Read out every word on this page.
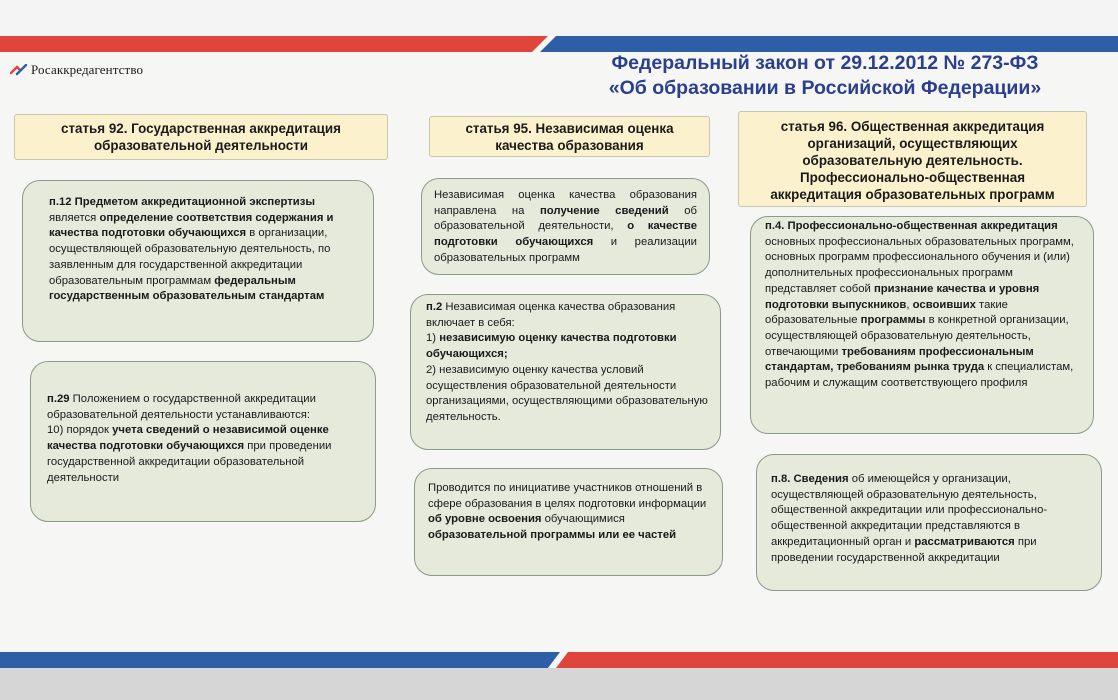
Росаккредагентство	Федеральный закон от 29.12.2012 № 273-ФЗ
«Об образовании в Российской Федерации»
статья 92. Государственная аккредитация
образовательной деятельности
статья 95. Независимая оценка
качества образования
статья 96. Общественная аккредитация
организаций, осуществляющих
образовательную деятельность.
Профессионально-общественная
аккредитация образовательных программ
п.12 Предметом аккредитационной экспертизы
является определение соответствия содержания и качества подготовки обучающихся в организации, осуществляющей образовательную деятельность, по заявленным для государственной аккредитации образовательным программам федеральным государственным образовательным стандартам
п.29 Положением о государственной аккредитации образовательной деятельности устанавливаются:
10) порядок учета сведений о независимой оценке качества подготовки обучающихся при проведении государственной аккредитации образовательной деятельности
Независимая оценка качества образования направлена на получение сведений об образовательной деятельности, о качестве подготовки обучающихся и реализации образовательных программ
п.2 Независимая оценка качества образования включает в себя:
1) независимую оценку качества подготовки обучающихся;
2) независимую оценку качества условий осуществления образовательной деятельности организациями, осуществляющими образовательную деятельность.
Проводится по инициативе участников отношений в сфере образования в целях подготовки информации об уровне освоения обучающимися образовательной программы или ее частей
п.4. Профессионально-общественная аккредитация основных профессиональных образовательных программ, основных программ профессионального обучения и (или) дополнительных профессиональных программ представляет собой признание качества и уровня подготовки выпускников, освоивших такие образовательные программы в конкретной организации, осуществляющей образовательную деятельность, отвечающими требованиям профессиональным стандартам, требованиям рынка труда к специалистам, рабочим и служащим соответствующего профиля
п.8. Сведения об имеющейся у организации, осуществляющей образовательную деятельность, общественной аккредитации или профессионально-общественной аккредитации представляются в аккредитационный орган и рассматриваются при проведении государственной аккредитации
